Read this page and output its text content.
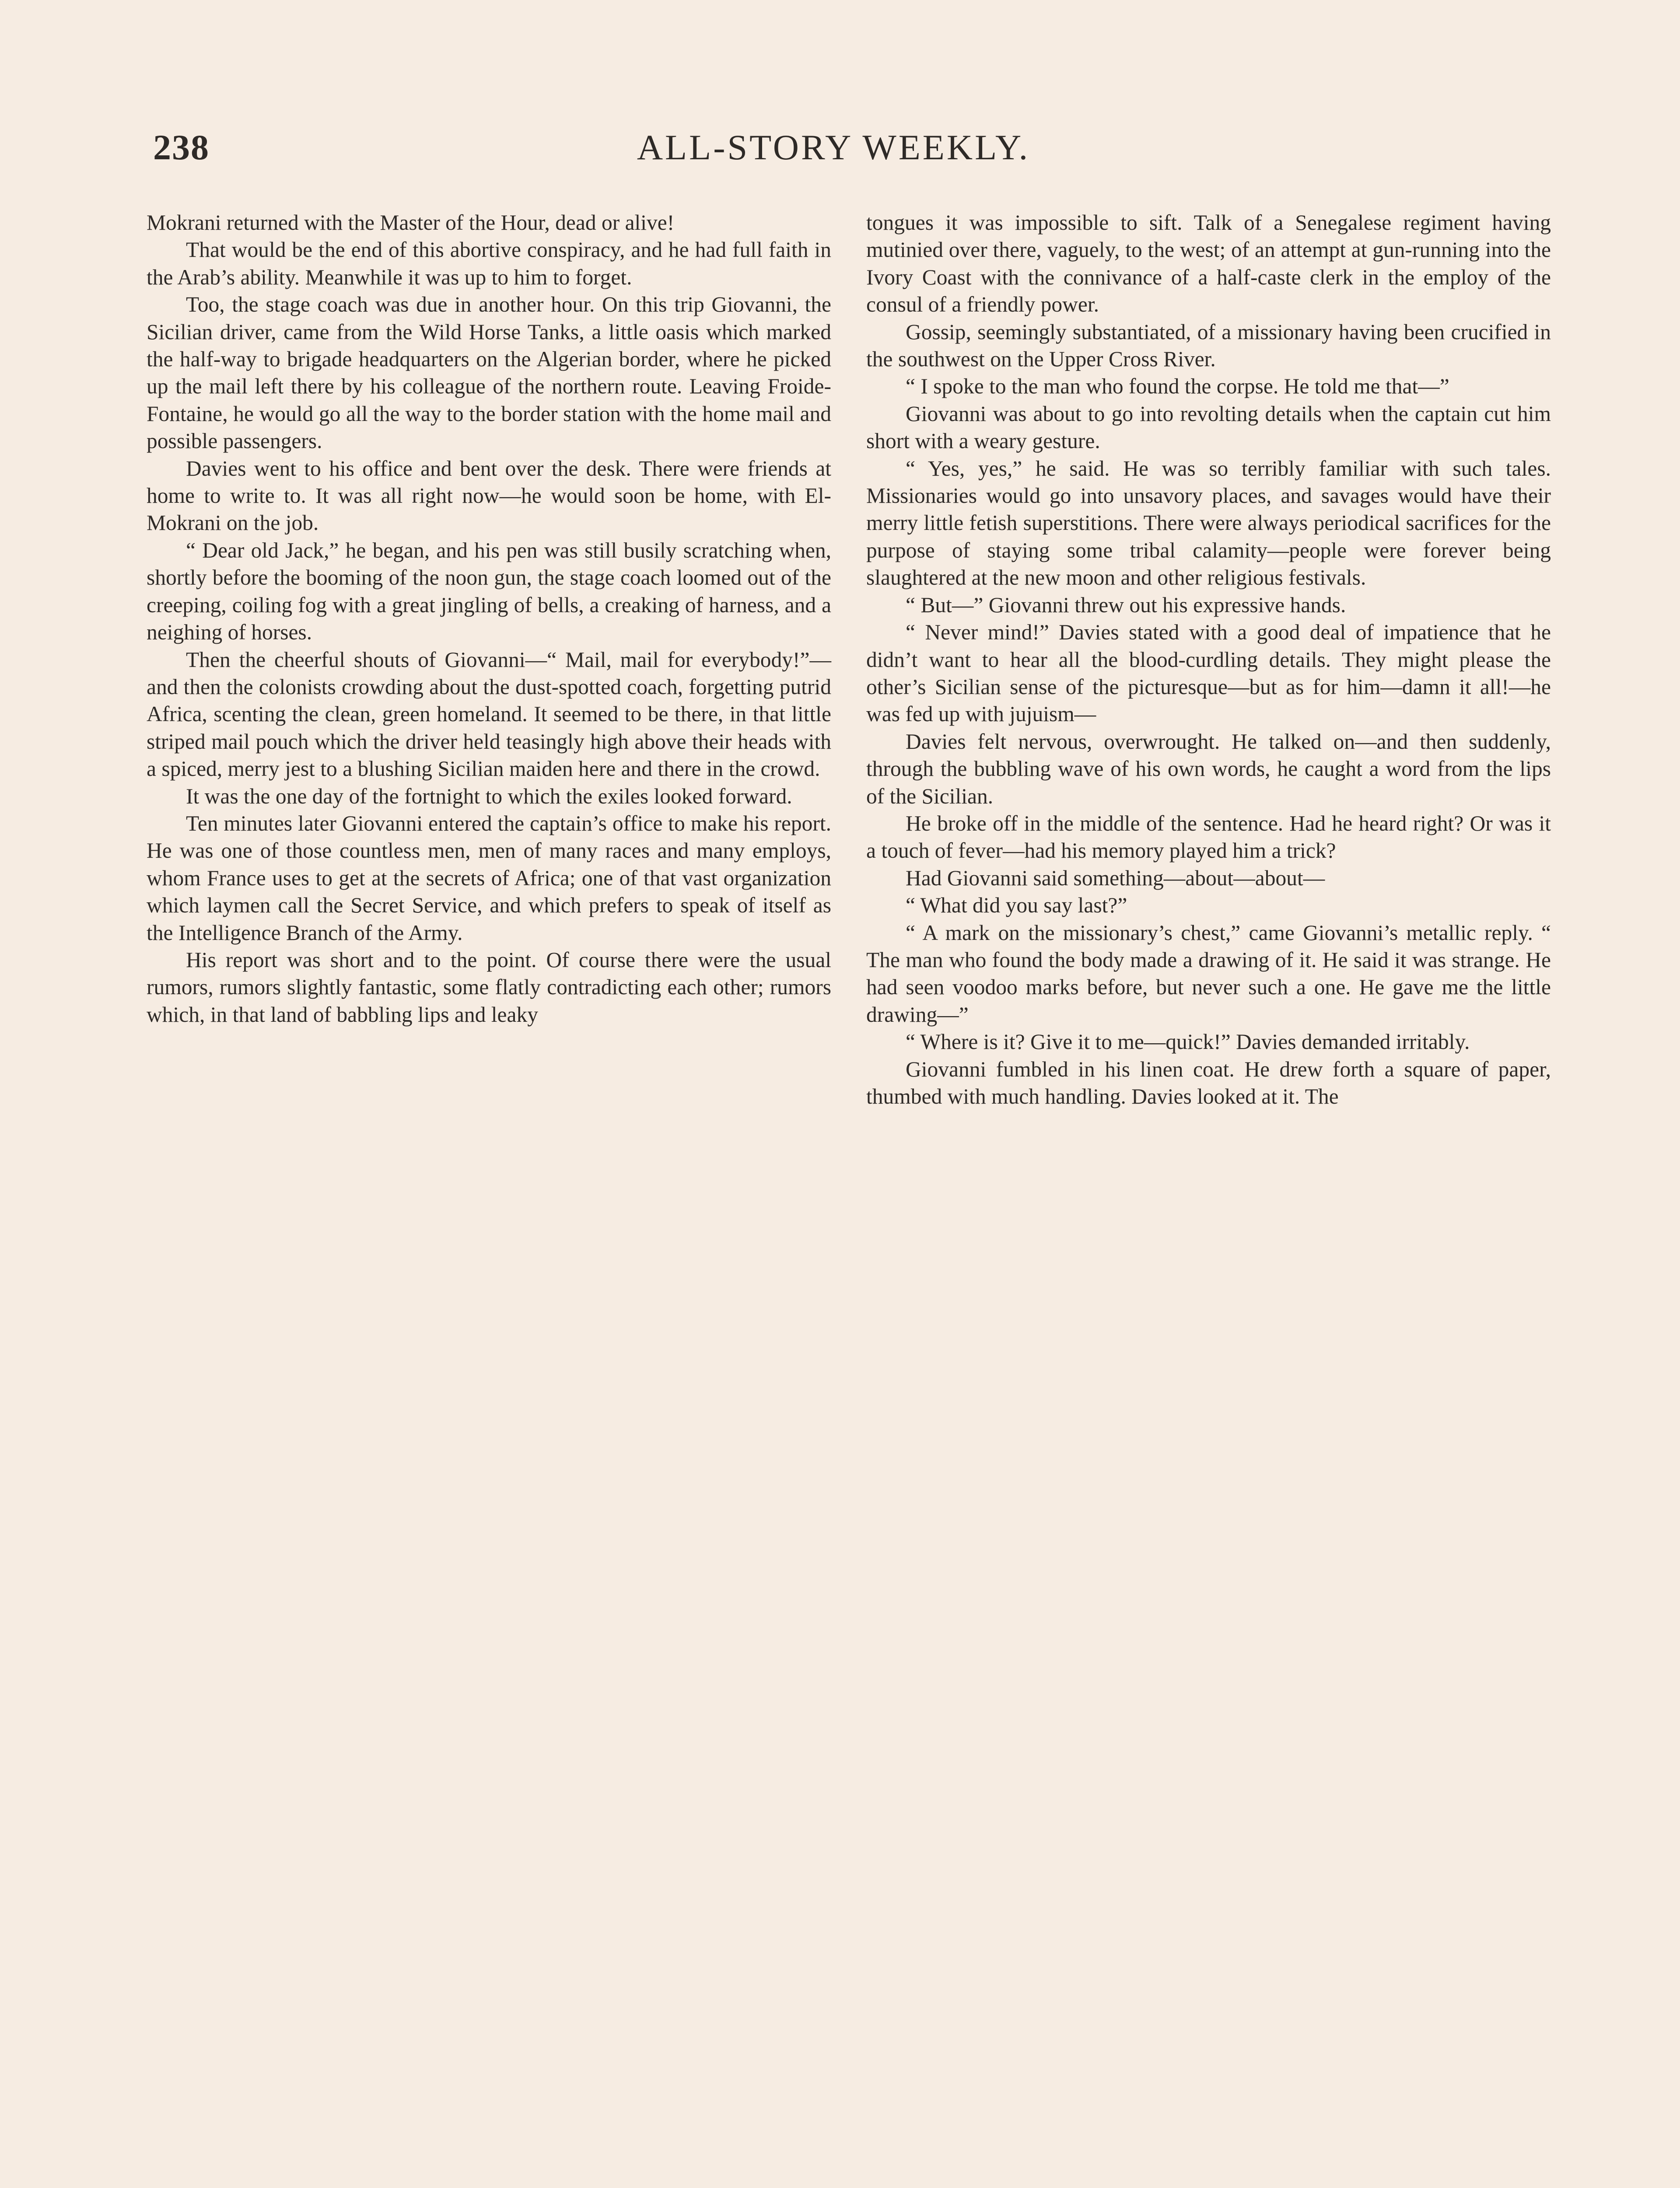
238	ALL-STORY WEEKLY.

Mokrani returned with the Master of the Hour, dead or alive!

That would be the end of this abortive conspiracy, and he had full faith in the Arab’s ability. Meanwhile it was up to him to forget.

Too, the stage coach was due in another hour. On this trip Giovanni, the Sicilian driver, came from the Wild Horse Tanks, a little oasis which marked the half-way to brigade headquarters on the Algerian border, where he picked up the mail left there by his colleague of the northern route. Leaving Froide-Fontaine, he would go all the way to the border station with the home mail and possible passengers.

Davies went to his office and bent over the desk. There were friends at home to write to. It was all right now—he would soon be home, with El-Mokrani on the job.

“ Dear old Jack,” he began, and his pen was still busily scratching when, shortly before the booming of the noon gun, the stage coach loomed out of the creeping, coiling fog with a great jingling of bells, a creaking of harness, and a neighing of horses.

Then the cheerful shouts of Giovanni—“ Mail, mail for everybody!”—and then the colonists crowding about the dust-spotted coach, forgetting putrid Africa, scenting the clean, green homeland. It seemed to be there, in that little striped mail pouch which the driver held teasingly high above their heads with a spiced, merry jest to a blushing Sicilian maiden here and there in the crowd.

It was the one day of the fortnight to which the exiles looked forward.

Ten minutes later Giovanni entered the captain’s office to make his report. He was one of those countless men, men of many races and many employs, whom France uses to get at the secrets of Africa; one of that vast organization which laymen call the Secret Service, and which prefers to speak of itself as the Intelligence Branch of the Army.

His report was short and to the point. Of course there were the usual rumors, rumors slightly fantastic, some flatly contradicting each other; rumors which, in that land of babbling lips and leaky

tongues it was impossible to sift. Talk of a Senegalese regiment having mutinied over there, vaguely, to the west; of an attempt at gun-running into the Ivory Coast with the connivance of a half-caste clerk in the employ of the consul of a friendly power.

Gossip, seemingly substantiated, of a missionary having been crucified in the southwest on the Upper Cross River.

“ I spoke to the man who found the corpse. He told me that—”

Giovanni was about to go into revolting details when the captain cut him short with a weary gesture.

“ Yes, yes,” he said. He was so terribly familiar with such tales. Missionaries would go into unsavory places, and savages would have their merry little fetish superstitions. There were always periodical sacrifices for the purpose of staying some tribal calamity—people were forever being slaughtered at the new moon and other religious festivals.

“ But—” Giovanni threw out his expressive hands.

“ Never mind!” Davies stated with a good deal of impatience that he didn’t want to hear all the blood-curdling details. They might please the other’s Sicilian sense of the picturesque—but as for him—damn it all!—he was fed up with jujuism—

Davies felt nervous, overwrought. He talked on—and then suddenly, through the bubbling wave of his own words, he caught a word from the lips of the Sicilian.

He broke off in the middle of the sentence. Had he heard right? Or was it a touch of fever—had his memory played him a trick?

Had Giovanni said something—about—about—

“ What did you say last?”

“ A mark on the missionary’s chest,” came Giovanni’s metallic reply. “ The man who found the body made a drawing of it. He said it was strange. He had seen voodoo marks before, but never such a one. He gave me the little drawing—”

“ Where is it? Give it to me—quick!” Davies demanded irritably.

Giovanni fumbled in his linen coat. He drew forth a square of paper, thumbed with much handling. Davies looked at it. The
